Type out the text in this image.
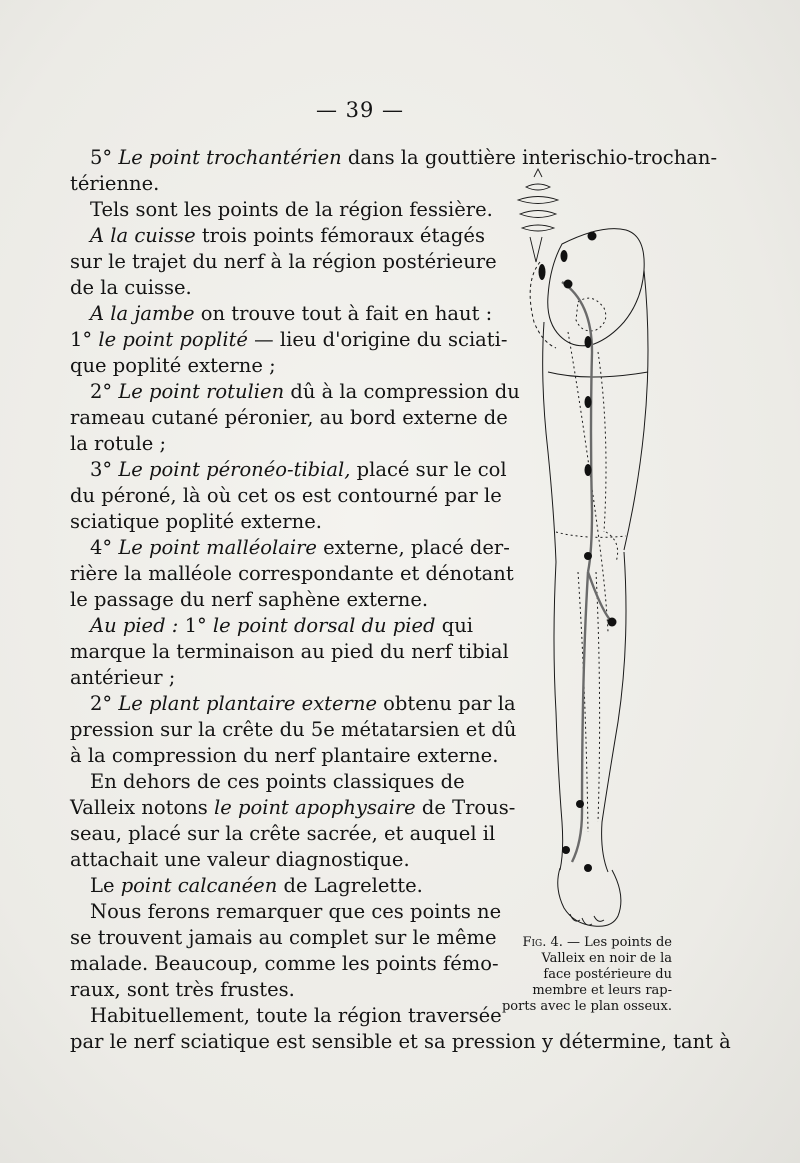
— 39 —
5° Le point trochantérien dans la gouttière interischio-trochan-
térienne.
Tels sont les points de la région fessière.
A la cuisse trois points fémoraux étagés
sur le trajet du nerf à la région postérieure
de la cuisse.
A la jambe on trouve tout à fait en haut :
1° le point poplité — lieu d'origine du sciati-
que poplité externe ;
2° Le point rotulien dû à la compression du
rameau cutané péronier, au bord externe de
la rotule ;
3° Le point péronéo-tibial, placé sur le col
du péroné, là où cet os est contourné par le
sciatique poplité externe.
4° Le point malléolaire externe, placé der-
rière la malléole correspondante et dénotant
le passage du nerf saphène externe.
Au pied : 1° le point dorsal du pied qui
marque la terminaison au pied du nerf tibial
antérieur ;
2° Le plant plantaire externe obtenu par la
pression sur la crête du 5e métatarsien et dû
à la compression du nerf plantaire externe.
En dehors de ces points classiques de
Valleix notons le point apophysaire de Trous-
seau, placé sur la crête sacrée, et auquel il
attachait une valeur diagnostique.
Le point calcanéen de Lagrelette.
Nous ferons remarquer que ces points ne
se trouvent jamais au complet sur le même
malade. Beaucoup, comme les points fémo-
raux, sont très frustes.
Habituellement, toute la région traversée
par le nerf sciatique est sensible et sa pression y détermine, tant à
Fig. 4. — Les points de
Valleix en noir de la
face postérieure du
membre et leurs rap-
ports avec le plan osseux.
